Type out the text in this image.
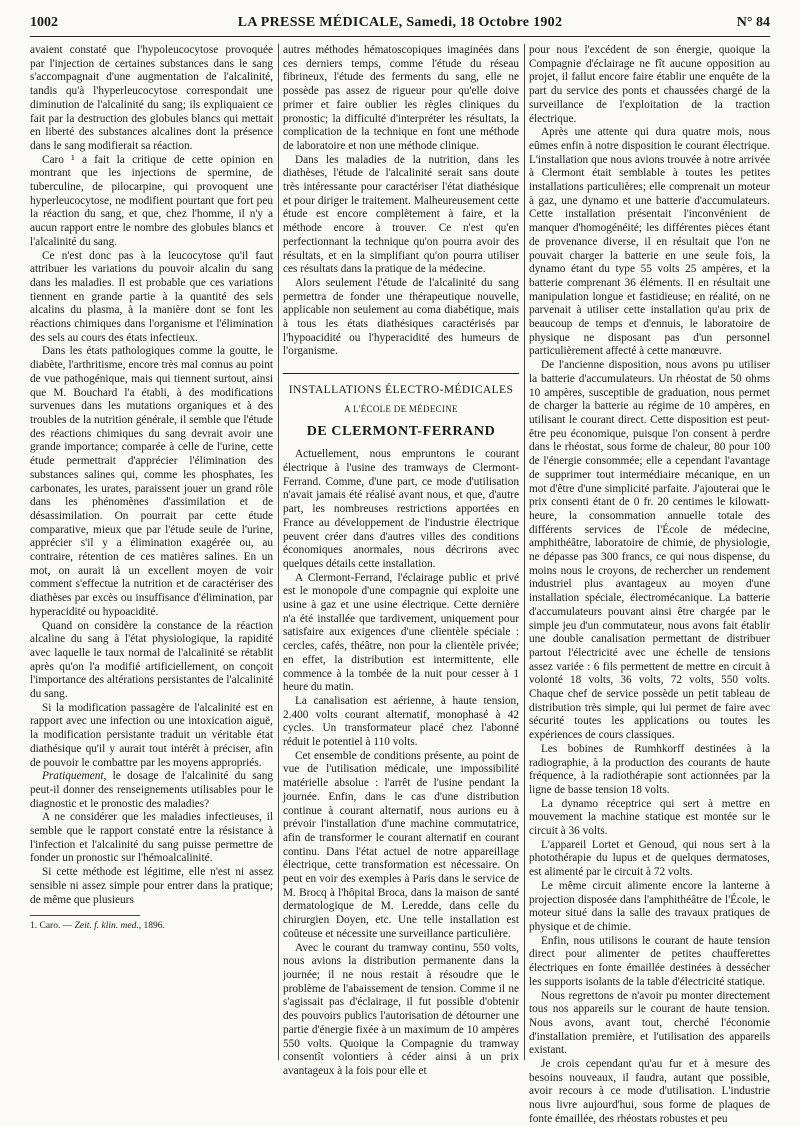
1002	LA PRESSE MÉDICALE, Samedi, 18 Octobre 1902	N° 84

avaient constaté que l'hypoleucocytose provoquée par l'injection de certaines substances dans le sang s'accompagnait d'une augmentation de l'alcalinité, tandis qu'à l'hyperleucocytose correspondait une diminution de l'alcalinité du sang; ils expliquaient ce fait par la destruction des globules blancs qui mettait en liberté des substances alcalines dont la présence dans le sang modifierait sa réaction.

Caro ¹ a fait la critique de cette opinion en montrant que les injections de spermine, de tuberculine, de pilocarpine, qui provoquent une hyperleucocytose, ne modifient pourtant que fort peu la réaction du sang, et que, chez l'homme, il n'y a aucun rapport entre le nombre des globules blancs et l'alcalinité du sang.

Ce n'est donc pas à la leucocytose qu'il faut attribuer les variations du pouvoir alcalin du sang dans les maladies. Il est probable que ces variations tiennent en grande partie à la quantité des sels alcalins du plasma, à la manière dont se font les réactions chimiques dans l'organisme et l'élimination des sels au cours des états infectieux.

Dans les états pathologiques comme la goutte, le diabète, l'arthritisme, encore très mal connus au point de vue pathogénique, mais qui tiennent surtout, ainsi que M. Bouchard l'a établi, à des modifications survenues dans les mutations organiques et à des troubles de la nutrition générale, il semble que l'étude des réactions chimiques du sang devrait avoir une grande importance; comparée à celle de l'urine, cette étude permettrait d'apprécier l'élimination des substances salines qui, comme les phosphates, les carbonates, les urates, paraissent jouer un grand rôle dans les phénomènes d'assimilation et de désassimilation. On pourrait par cette étude comparative, mieux que par l'étude seule de l'urine, apprécier s'il y a élimination exagérée ou, au contraire, rétention de ces matières salines. En un mot, on aurait là un excellent moyen de voir comment s'effectue la nutrition et de caractériser des diathèses par excès ou insuffisance d'élimination, par hyperacidité ou hypoacidité.

Quand on considère la constance de la réaction alcaline du sang à l'état physiologique, la rapidité avec laquelle le taux normal de l'alcalinité se rétablit après qu'on l'a modifié artificiellement, on conçoit l'importance des altérations persistantes de l'alcalinité du sang.

Si la modification passagère de l'alcalinité est en rapport avec une infection ou une intoxication aiguë, la modification persistante traduit un véritable état diathésique qu'il y aurait tout intérêt à préciser, afin de pouvoir le combattre par les moyens appropriés.

Pratiquement, le dosage de l'alcalinité du sang peut-il donner des renseignements utilisables pour le diagnostic et le pronostic des maladies?

A ne considérer que les maladies infectieuses, il semble que le rapport constaté entre la résistance à l'infection et l'alcalinité du sang puisse permettre de fonder un pronostic sur l'hémoalcalinité.

Si cette méthode est légitime, elle n'est ni assez sensible ni assez simple pour entrer dans la pratique; de même que plusieurs

1. Caro. — Zeit. f. klin. med., 1896.

autres méthodes hématoscopiques imaginées dans ces derniers temps, comme l'étude du réseau fibrineux, l'étude des ferments du sang, elle ne possède pas assez de rigueur pour qu'elle doive primer et faire oublier les règles cliniques du pronostic; la difficulté d'interpréter les résultats, la complication de la technique en font une méthode de laboratoire et non une méthode clinique.

Dans les maladies de la nutrition, dans les diathèses, l'étude de l'alcalinité serait sans doute très intéressante pour caractériser l'état diathésique et pour diriger le traitement. Malheureusement cette étude est encore complètement à faire, et la méthode encore à trouver. Ce n'est qu'en perfectionnant la technique qu'on pourra avoir des résultats, et en la simplifiant qu'on pourra utiliser ces résultats dans la pratique de la médecine.

Alors seulement l'étude de l'alcalinité du sang permettra de fonder une thérapeutique nouvelle, applicable non seulement au coma diabétique, mais à tous les états diathésiques caractérisés par l'hypoacidité ou l'hyperacidité des humeurs de l'organisme.

INSTALLATIONS ÉLECTRO-MÉDICALES
A L'ÉCOLE DE MÉDECINE
DE CLERMONT-FERRAND

Actuellement, nous empruntons le courant électrique à l'usine des tramways de Clermont-Ferrand. Comme, d'une part, ce mode d'utilisation n'avait jamais été réalisé avant nous, et que, d'autre part, les nombreuses restrictions apportées en France au développement de l'industrie électrique peuvent créer dans d'autres villes des conditions économiques anormales, nous décrirons avec quelques détails cette installation.

A Clermont-Ferrand, l'éclairage public et privé est le monopole d'une compagnie qui exploite une usine à gaz et une usine électrique. Cette dernière n'a été installée que tardivement, uniquement pour satisfaire aux exigences d'une clientèle spéciale : cercles, cafés, théâtre, non pour la clientèle privée; en effet, la distribution est intermittente, elle commence à la tombée de la nuit pour cesser à 1 heure du matin.

La canalisation est aérienne, à haute tension, 2.400 volts courant alternatif, monophasé à 42 cycles. Un transformateur placé chez l'abonné réduit le potentiel à 110 volts.

Cet ensemble de conditions présente, au point de vue de l'utilisation médicale, une impossibilité matérielle absolue : l'arrêt de l'usine pendant la journée. Enfin, dans le cas d'une distribution continue à courant alternatif, nous aurions eu à prévoir l'installation d'une machine commutatrice, afin de transformer le courant alternatif en courant continu. Dans l'état actuel de notre appareillage électrique, cette transformation est nécessaire. On peut en voir des exemples à Paris dans le service de M. Brocq à l'hôpital Broca, dans la maison de santé dermatologique de M. Leredde, dans celle du chirurgien Doyen, etc. Une telle installation est coûteuse et nécessite une surveillance particulière.

Avec le courant du tramway continu, 550 volts, nous avions la distribution permanente dans la journée; il ne nous restait à résoudre que le problème de l'abaissement de tension. Comme il ne s'agissait pas d'éclairage, il fut possible d'obtenir des pouvoirs publics l'autorisation de détourner une partie d'énergie fixée à un maximum de 10 ampères 550 volts. Quoique la Compagnie du tramway consentît volontiers à céder ainsi à un prix avantageux à la fois pour elle et

pour nous l'excédent de son énergie, quoique la Compagnie d'éclairage ne fît aucune opposition au projet, il fallut encore faire établir une enquête de la part du service des ponts et chaussées chargé de la surveillance de l'exploitation de la traction électrique.

Après une attente qui dura quatre mois, nous eûmes enfin à notre disposition le courant électrique. L'installation que nous avions trouvée à notre arrivée à Clermont était semblable à toutes les petites installations particulières; elle comprenait un moteur à gaz, une dynamo et une batterie d'accumulateurs. Cette installation présentait l'inconvénient de manquer d'homogénéité; les différentes pièces étant de provenance diverse, il en résultait que l'on ne pouvait charger la batterie en une seule fois, la dynamo étant du type 55 volts 25 ampères, et la batterie comprenant 36 éléments. Il en résultait une manipulation longue et fastidieuse; en réalité, on ne parvenait à utiliser cette installation qu'au prix de beaucoup de temps et d'ennuis, le laboratoire de physique ne disposant pas d'un personnel particulièrement affecté à cette manœuvre.

De l'ancienne disposition, nous avons pu utiliser la batterie d'accumulateurs. Un rhéostat de 50 ohms 10 ampères, susceptible de graduation, nous permet de charger la batterie au régime de 10 ampères, en utilisant le courant direct. Cette disposition est peut-être peu économique, puisque l'on consent à perdre dans le rhéostat, sous forme de chaleur, 80 pour 100 de l'énergie consommée; elle a cependant l'avantage de supprimer tout intermédiaire mécanique, en un mot d'être d'une simplicité parfaite. J'ajouterai que le prix consenti étant de 0 fr. 20 centimes le kilowatt-heure, la consommation annuelle totale des différents services de l'École de médecine, amphithéâtre, laboratoire de chimie, de physiologie, ne dépasse pas 300 francs, ce qui nous dispense, du moins nous le croyons, de rechercher un rendement industriel plus avantageux au moyen d'une installation spéciale, électromécanique. La batterie d'accumulateurs pouvant ainsi être chargée par le simple jeu d'un commutateur, nous avons fait établir une double canalisation permettant de distribuer partout l'électricité avec une échelle de tensions assez variée : 6 fils permettent de mettre en circuit à volonté 18 volts, 36 volts, 72 volts, 550 volts. Chaque chef de service possède un petit tableau de distribution très simple, qui lui permet de faire avec sécurité toutes les applications ou toutes les expériences de cours classiques.

Les bobines de Rumhkorff destinées à la radiographie, à la production des courants de haute fréquence, à la radiothérapie sont actionnées par la ligne de basse tension 18 volts.

La dynamo réceptrice qui sert à mettre en mouvement la machine statique est montée sur le circuit à 36 volts.

L'appareil Lortet et Genoud, qui nous sert à la photothérapie du lupus et de quelques dermatoses, est alimenté par le circuit à 72 volts.

Le même circuit alimente encore la lanterne à projection disposée dans l'amphithéâtre de l'École, le moteur situé dans la salle des travaux pratiques de physique et de chimie.

Enfin, nous utilisons le courant de haute tension direct pour alimenter de petites chaufferettes électriques en fonte émaillée destinées à dessécher les supports isolants de la table d'électricité statique.

Nous regrettons de n'avoir pu monter directement tous nos appareils sur le courant de haute tension. Nous avons, avant tout, cherché l'économie d'installation première, et l'utilisation des appareils existant.

Je crois cependant qu'au fur et à mesure des besoins nouveaux, il faudra, autant que possible, avoir recours à ce mode d'utilisation. L'industrie nous livre aujourd'hui, sous forme de plaques de fonte émaillée, des rhéostats robustes et peu
